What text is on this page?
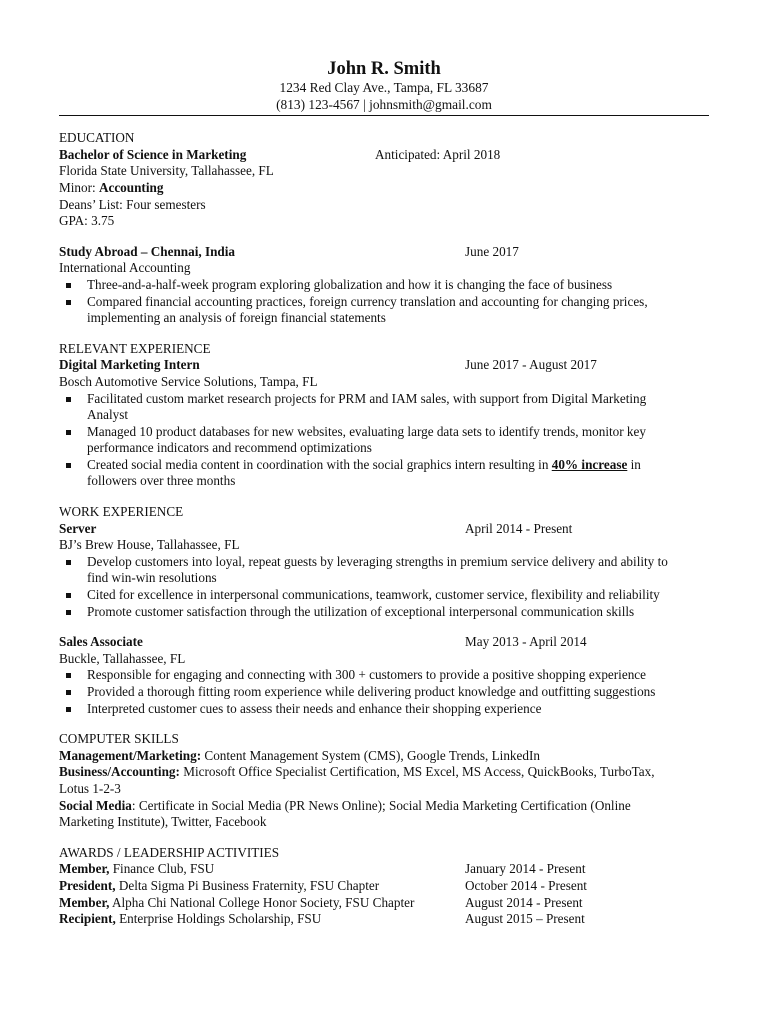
John R. Smith
1234 Red Clay Ave., Tampa, FL 33687
(813) 123-4567 | johnsmith@gmail.com
EDUCATION
Bachelor of Science in Marketing	Anticipated: April 2018
Florida State University, Tallahassee, FL
Minor: Accounting
Deans’ List: Four semesters
GPA: 3.75
Study Abroad – Chennai, India	June 2017
International Accounting
Three-and-a-half-week program exploring globalization and how it is changing the face of business
Compared financial accounting practices, foreign currency translation and accounting for changing prices,
implementing an analysis of foreign financial statements
RELEVANT EXPERIENCE
Digital Marketing Intern	June 2017 - August 2017
Bosch Automotive Service Solutions, Tampa, FL
Facilitated custom market research projects for PRM and IAM sales, with support from Digital Marketing
Analyst
Managed 10 product databases for new websites, evaluating large data sets to identify trends, monitor key
performance indicators and recommend optimizations
Created social media content in coordination with the social graphics intern resulting in 40% increase in
followers over three months
WORK EXPERIENCE
Server	April 2014 - Present
BJ’s Brew House, Tallahassee, FL
Develop customers into loyal, repeat guests by leveraging strengths in premium service delivery and ability to
find win-win resolutions
Cited for excellence in interpersonal communications, teamwork, customer service, flexibility and reliability
Promote customer satisfaction through the utilization of exceptional interpersonal communication skills
Sales Associate	May 2013 - April 2014
Buckle, Tallahassee, FL
Responsible for engaging and connecting with 300 + customers to provide a positive shopping experience
Provided a thorough fitting room experience while delivering product knowledge and outfitting suggestions
Interpreted customer cues to assess their needs and enhance their shopping experience
COMPUTER SKILLS
Management/Marketing: Content Management System (CMS), Google Trends, LinkedIn
Business/Accounting: Microsoft Office Specialist Certification, MS Excel, MS Access, QuickBooks, TurboTax,
Lotus 1-2-3
Social Media: Certificate in Social Media (PR News Online); Social Media Marketing Certification (Online
Marketing Institute), Twitter, Facebook
AWARDS / LEADERSHIP ACTIVITIES
Member, Finance Club, FSU	January 2014 - Present
President, Delta Sigma Pi Business Fraternity, FSU Chapter	October 2014 - Present
Member, Alpha Chi National College Honor Society, FSU Chapter	August 2014 - Present
Recipient, Enterprise Holdings Scholarship, FSU	August 2015 – Present
